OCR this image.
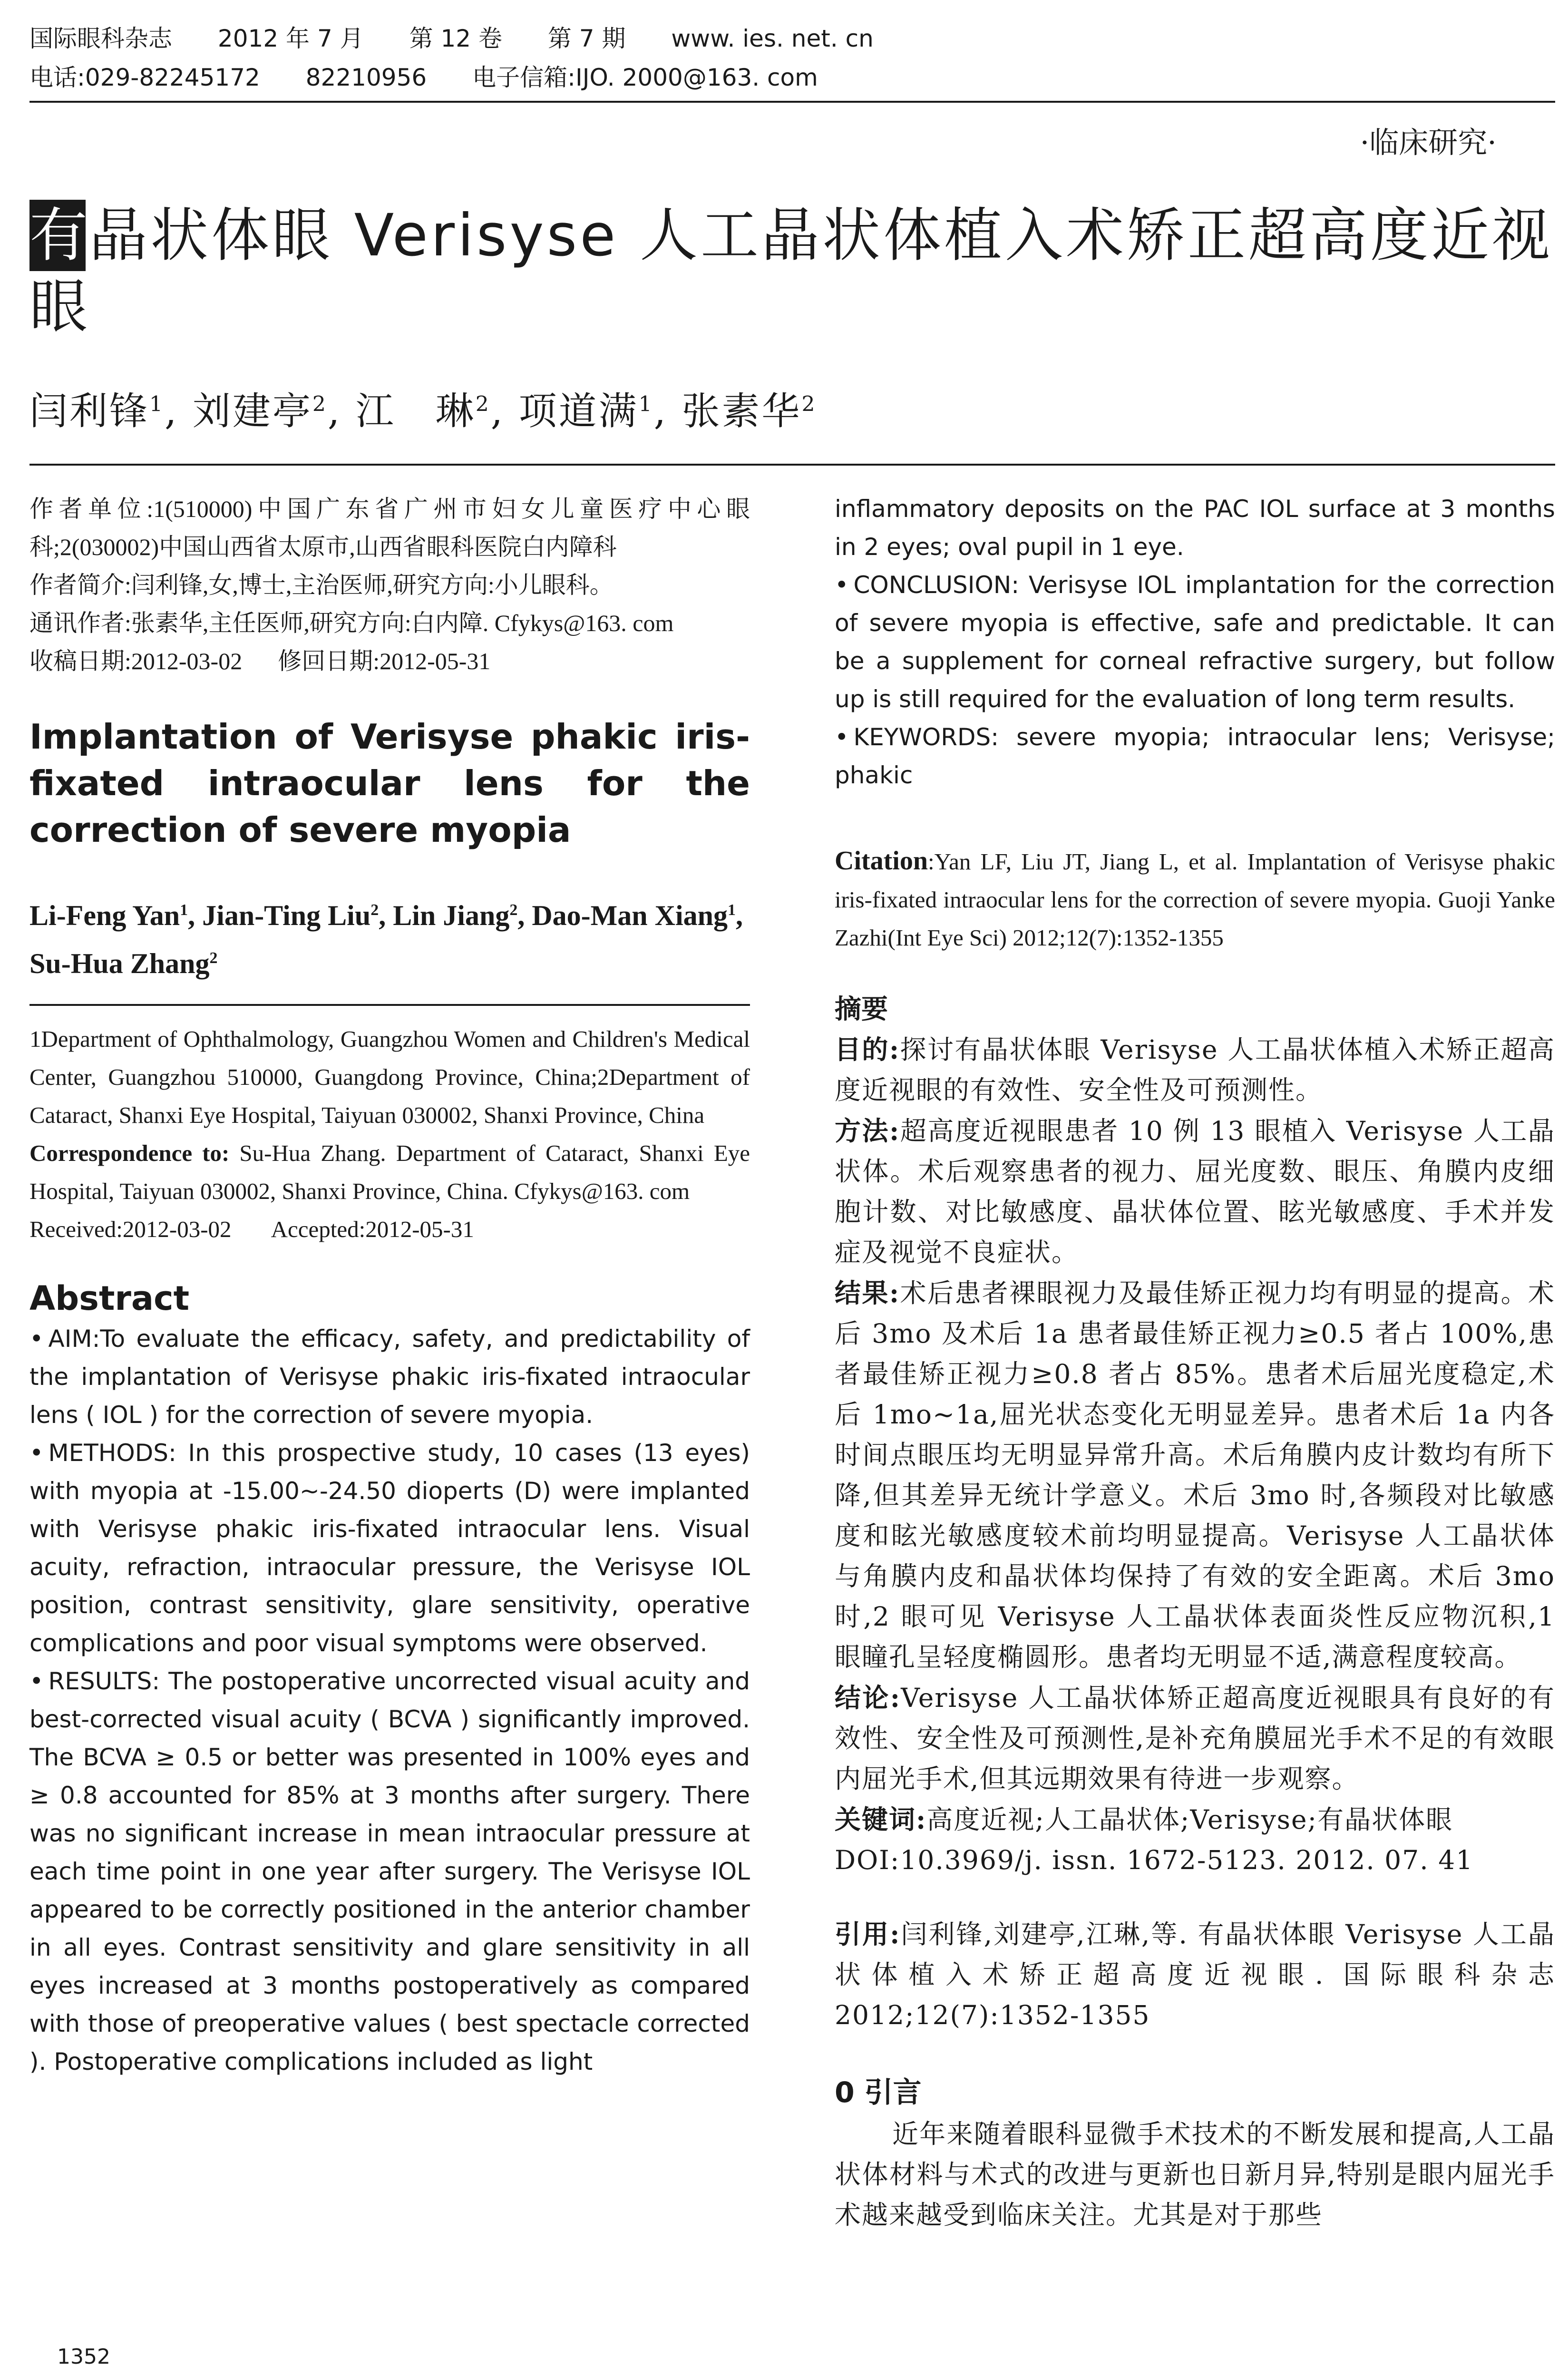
国际眼科杂志 2012 年 7 月 第 12 卷 第 7 期 www. ies. net. cn
电话:029-82245172 82210956 电子信箱:IJO. 2000@163. com
·临床研究·
有晶状体眼 Verisyse 人工晶状体植入术矫正超高度近视眼
闫利锋$^1$, 刘建亭$^2$, 江　琳$^2$, 项道满$^1$, 张素华$^2$
作者单位:1(510000)中国广东省广州市妇女儿童医疗中心眼科;2(030002)中国山西省太原市,山西省眼科医院白内障科
作者简介:闫利锋,女,博士,主治医师,研究方向:小儿眼科。
通讯作者:张素华,主任医师,研究方向:白内障. Cfykys@163. com
收稿日期:2012-03-02 修回日期:2012-05-31
Implantation of Verisyse phakic iris-fixated intraocular lens for the correction of severe myopia
Li-Feng Yan$^1$, Jian-Ting Liu$^2$, Lin Jiang$^2$, Dao-Man Xiang$^1$, Su-Hua Zhang$^2$
1Department of Ophthalmology, Guangzhou Women and Children's Medical Center, Guangzhou 510000, Guangdong Province, China;2Department of Cataract, Shanxi Eye Hospital, Taiyuan 030002, Shanxi Province, China
Correspondence to: Su-Hua Zhang. Department of Cataract, Shanxi Eye Hospital, Taiyuan 030002, Shanxi Province, China. Cfykys@163. com
Received:2012-03-02 Accepted:2012-05-31
Abstract

• AIM:To evaluate the efficacy, safety, and predictability of the implantation of Verisyse phakic iris-fixated intraocular lens ( IOL ) for the correction of severe myopia.

• METHODS: In this prospective study, 10 cases (13 eyes) with myopia at -15.00~-24.50 dioperts (D) were implanted with Verisyse phakic iris-fixated intraocular lens. Visual acuity, refraction, intraocular pressure, the Verisyse IOL position, contrast sensitivity, glare sensitivity, operative complications and poor visual symptoms were observed.

• RESULTS: The postoperative uncorrected visual acuity and best-corrected visual acuity ( BCVA ) significantly improved. The BCVA ≥ 0.5 or better was presented in 100% eyes and ≥ 0.8 accounted for 85% at 3 months after surgery. There was no significant increase in mean intraocular pressure at each time point in one year after surgery. The Verisyse IOL appeared to be correctly positioned in the anterior chamber in all eyes. Contrast sensitivity and glare sensitivity in all eyes increased at 3 months postoperatively as compared with those of preoperative values ( best spectacle corrected ). Postoperative complications included as light

inflammatory deposits on the PAC IOL surface at 3 months in 2 eyes; oval pupil in 1 eye.

• CONCLUSION: Verisyse IOL implantation for the correction of severe myopia is effective, safe and predictable. It can be a supplement for corneal refractive surgery, but follow up is still required for the evaluation of long term results.

• KEYWORDS: severe myopia; intraocular lens; Verisyse; phakic

Citation:Yan LF, Liu JT, Jiang L, et al. Implantation of Verisyse phakic iris-fixated intraocular lens for the correction of severe myopia. Guoji Yanke Zazhi(Int Eye Sci) 2012;12(7):1352-1355
摘要

目的:探讨有晶状体眼 Verisyse 人工晶状体植入术矫正超高度近视眼的有效性、安全性及可预测性。

方法:超高度近视眼患者 10 例 13 眼植入 Verisyse 人工晶状体。术后观察患者的视力、屈光度数、眼压、角膜内皮细胞计数、对比敏感度、晶状体位置、眩光敏感度、手术并发症及视觉不良症状。

结果:术后患者裸眼视力及最佳矫正视力均有明显的提高。术后 3mo 及术后 1a 患者最佳矫正视力≥0.5 者占 100%,患者最佳矫正视力≥0.8 者占 85%。患者术后屈光度稳定,术后 1mo~1a,屈光状态变化无明显差异。患者术后 1a 内各时间点眼压均无明显异常升高。术后角膜内皮计数均有所下降,但其差异无统计学意义。术后 3mo 时,各频段对比敏感度和眩光敏感度较术前均明显提高。Verisyse 人工晶状体与角膜内皮和晶状体均保持了有效的安全距离。术后 3mo 时,2 眼可见 Verisyse 人工晶状体表面炎性反应物沉积,1 眼瞳孔呈轻度椭圆形。患者均无明显不适,满意程度较高。

结论:Verisyse 人工晶状体矫正超高度近视眼具有良好的有效性、安全性及可预测性,是补充角膜屈光手术不足的有效眼内屈光手术,但其远期效果有待进一步观察。

关键词:高度近视;人工晶状体;Verisyse;有晶状体眼

DOI:10.3969/j. issn. 1672-5123. 2012. 07. 41

引用:闫利锋,刘建亭,江琳,等. 有晶状体眼 Verisyse 人工晶状体植入术矫正超高度近视眼. 国际眼科杂志 2012;12(7):1352-1355
0 引言

近年来随着眼科显微手术技术的不断发展和提高,人工晶状体材料与术式的改进与更新也日新月异,特别是眼内屈光手术越来越受到临床关注。尤其是对于那些

1352
